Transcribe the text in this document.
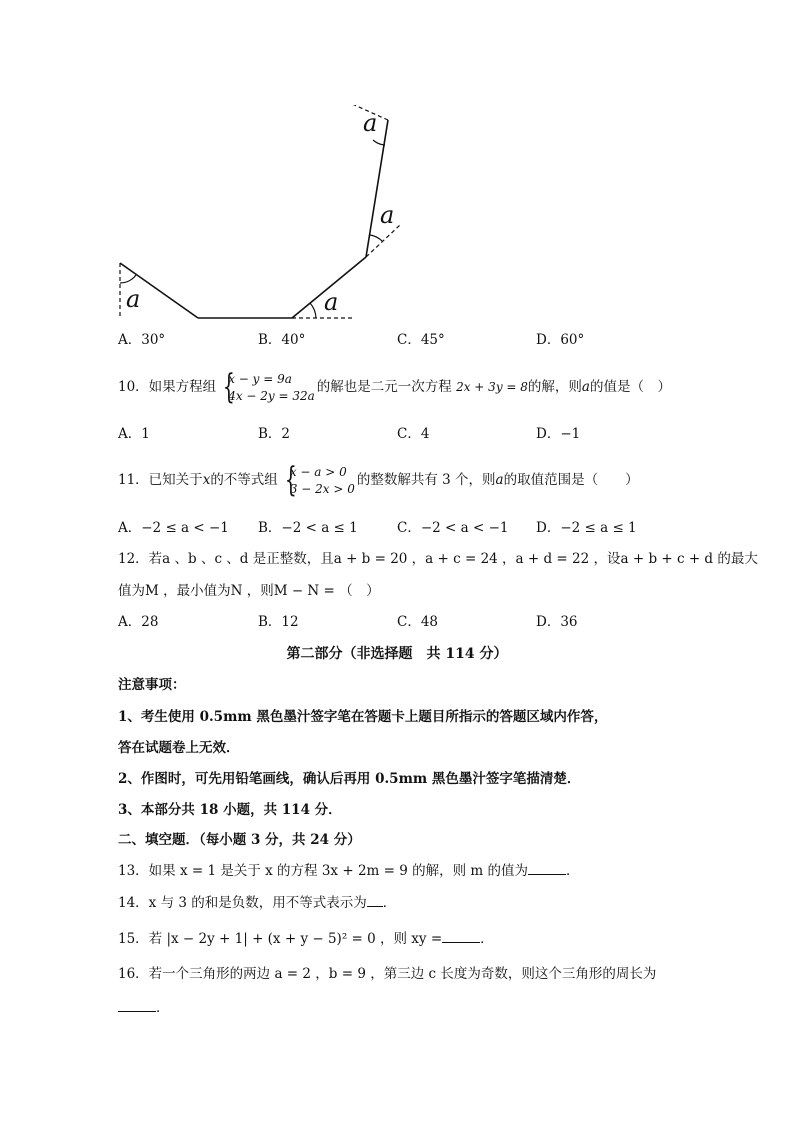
a	a
a
a
A．30°	B．40°	C．45°	D．60°
10．如果方程组 {
x − y = 9a
4x − 2y = 32a
的解也是二元一次方程 2x + 3y = 8的解，则a的值是（　）
A．1	B．2	C．4	D．−1
11．已知关于x的不等式组 {
x − a > 0
3 − 2x > 0
的整数解共有 3 个，则a的取值范围是（　　）
A．−2 ≤ a < −1 B．−2 < a ≤ 1	C．−2 < a < −1 D．−2 ≤ a ≤ 1
12．若a 、b 、c 、d 是正整数，且a + b = 20 ，a + c = 24 ，a + d = 22 ，设a + b + c + d 的最大
值为M ，最小值为N ，则M − N = （　）
A．28	B．12	C．48	D．36
第二部分（非选择题　共 114 分）
注意事项：
1、考生使用 0.5mm 黑色墨汁签字笔在答题卡上题目所指示的答题区域内作答，
答在试题卷上无效．
2、作图时，可先用铅笔画线，确认后再用 0.5mm 黑色墨汁签字笔描清楚．
3、本部分共 18 小题，共 114 分．
二、填空题．（每小题 3 分，共 24 分）
13．如果 x = 1 是关于 x 的方程 3x + 2m = 9 的解，则 m 的值为	．
14．x 与 3 的和是负数，用不等式表示为 ．
15．若 |x − 2y + 1| + (x + y − 5)² = 0 ，则 xy =	．
16．若一个三角形的两边 a = 2 ，b = 9 ，第三边 c 长度为奇数，则这个三角形的周长为
．
